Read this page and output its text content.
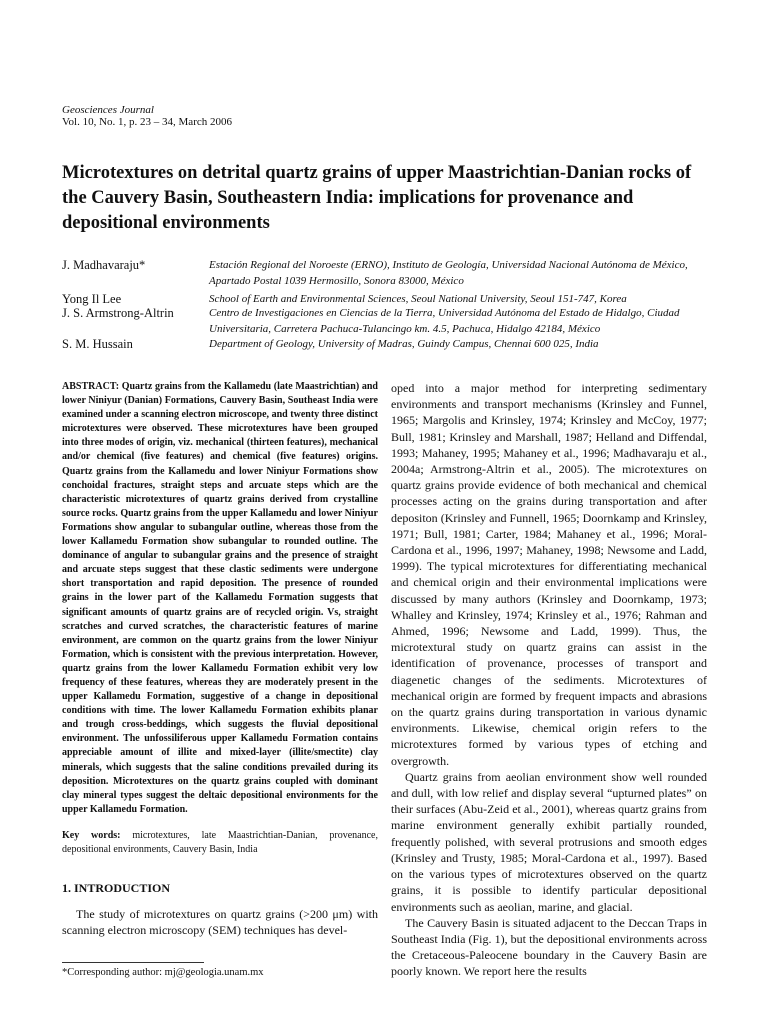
Geosciences Journal
Vol. 10, No. 1, p. 23 – 34, March 2006
Microtextures on detrital quartz grains of upper Maastrichtian-Danian rocks of the Cauvery Basin, Southeastern India: implications for provenance and depositional environments
J. Madhavaraju*	Estación Regional del Noroeste (ERNO), Instituto de Geología, Universidad Nacional Autónoma de México, Apartado Postal 1039 Hermosillo, Sonora 83000, México
Yong Il Lee	School of Earth and Environmental Sciences, Seoul National University, Seoul 151-747, Korea
J. S. Armstrong-Altrin	Centro de Investigaciones en Ciencias de la Tierra, Universidad Autónoma del Estado de Hidalgo, Ciudad Universitaria, Carretera Pachuca-Tulancingo km. 4.5, Pachuca, Hidalgo 42184, México
S. M. Hussain	Department of Geology, University of Madras, Guindy Campus, Chennai 600 025, India

ABSTRACT: Quartz grains from the Kallamedu (late Maastrichtian) and lower Niniyur (Danian) Formations, Cauvery Basin, Southeast India were examined under a scanning electron microscope, and twenty three distinct microtextures were observed. These microtextures have been grouped into three modes of origin, viz. mechanical (thirteen features), mechanical and/or chemical (five features) and chemical (five features) origins. Quartz grains from the Kallamedu and lower Niniyur Formations show conchoidal fractures, straight steps and arcuate steps which are the characteristic microtextures of quartz grains derived from crystalline source rocks. Quartz grains from the upper Kallamedu and lower Niniyur Formations show angular to subangular outline, whereas those from the lower Kallamedu Formation show subangular to rounded outline. The dominance of angular to subangular grains and the presence of straight and arcuate steps suggest that these clastic sediments were undergone short transportation and rapid deposition. The presence of rounded grains in the lower part of the Kallamedu Formation suggests that significant amounts of quartz grains are of recycled origin. Vs, straight scratches and curved scratches, the characteristic features of marine environment, are common on the quartz grains from the lower Niniyur Formation, which is consistent with the previous interpretation. However, quartz grains from the lower Kallamedu Formation exhibit very low frequency of these features, whereas they are moderately present in the upper Kallamedu Formation, suggestive of a change in depositional conditions with time. The lower Kallamedu Formation exhibits planar and trough cross-beddings, which suggests the fluvial depositional environment. The unfossiliferous upper Kallamedu Formation contains appreciable amount of illite and mixed-layer (illite/smectite) clay minerals, which suggests that the saline conditions prevailed during its deposition. Microtextures on the quartz grains coupled with dominant clay mineral types suggest the deltaic depositional environments for the upper Kallamedu Formation.

Key words: microtextures, late Maastrichtian-Danian, provenance, depositional environments, Cauvery Basin, India

1. INTRODUCTION

The study of microtextures on quartz grains (>200 μm) with scanning electron microscopy (SEM) techniques has devel-

oped into a major method for interpreting sedimentary environments and transport mechanisms (Krinsley and Funnel, 1965; Margolis and Krinsley, 1974; Krinsley and McCoy, 1977; Bull, 1981; Krinsley and Marshall, 1987; Helland and Diffendal, 1993; Mahaney, 1995; Mahaney et al., 1996; Madhavaraju et al., 2004a; Armstrong-Altrin et al., 2005). The microtextures on quartz grains provide evidence of both mechanical and chemical processes acting on the grains during transportation and after depositon (Krinsley and Funnell, 1965; Doornkamp and Krinsley, 1971; Bull, 1981; Carter, 1984; Mahaney et al., 1996; Moral-Cardona et al., 1996, 1997; Mahaney, 1998; Newsome and Ladd, 1999). The typical microtextures for differentiating mechanical and chemical origin and their environmental implications were discussed by many authors (Krinsley and Doornkamp, 1973; Whalley and Krinsley, 1974; Krinsley et al., 1976; Rahman and Ahmed, 1996; Newsome and Ladd, 1999). Thus, the microtextural study on quartz grains can assist in the identification of provenance, processes of transport and diagenetic changes of the sediments. Microtextures of mechanical origin are formed by frequent impacts and abrasions on the quartz grains during transportation in various dynamic environments. Likewise, chemical origin refers to the microtextures formed by various types of etching and overgrowth.

Quartz grains from aeolian environment show well rounded and dull, with low relief and display several “upturned plates” on their surfaces (Abu-Zeid et al., 2001), whereas quartz grains from marine environment generally exhibit partially rounded, frequently polished, with several protrusions and smooth edges (Krinsley and Trusty, 1985; Moral-Cardona et al., 1997). Based on the various types of microtextures observed on the quartz grains, it is possible to identify particular depositional environments such as aeolian, marine, and glacial.

The Cauvery Basin is situated adjacent to the Deccan Traps in Southeast India (Fig. 1), but the depositional environments across the Cretaceous-Paleocene boundary in the Cauvery Basin are poorly known. We report here the results

*Corresponding author: mj@geologia.unam.mx
